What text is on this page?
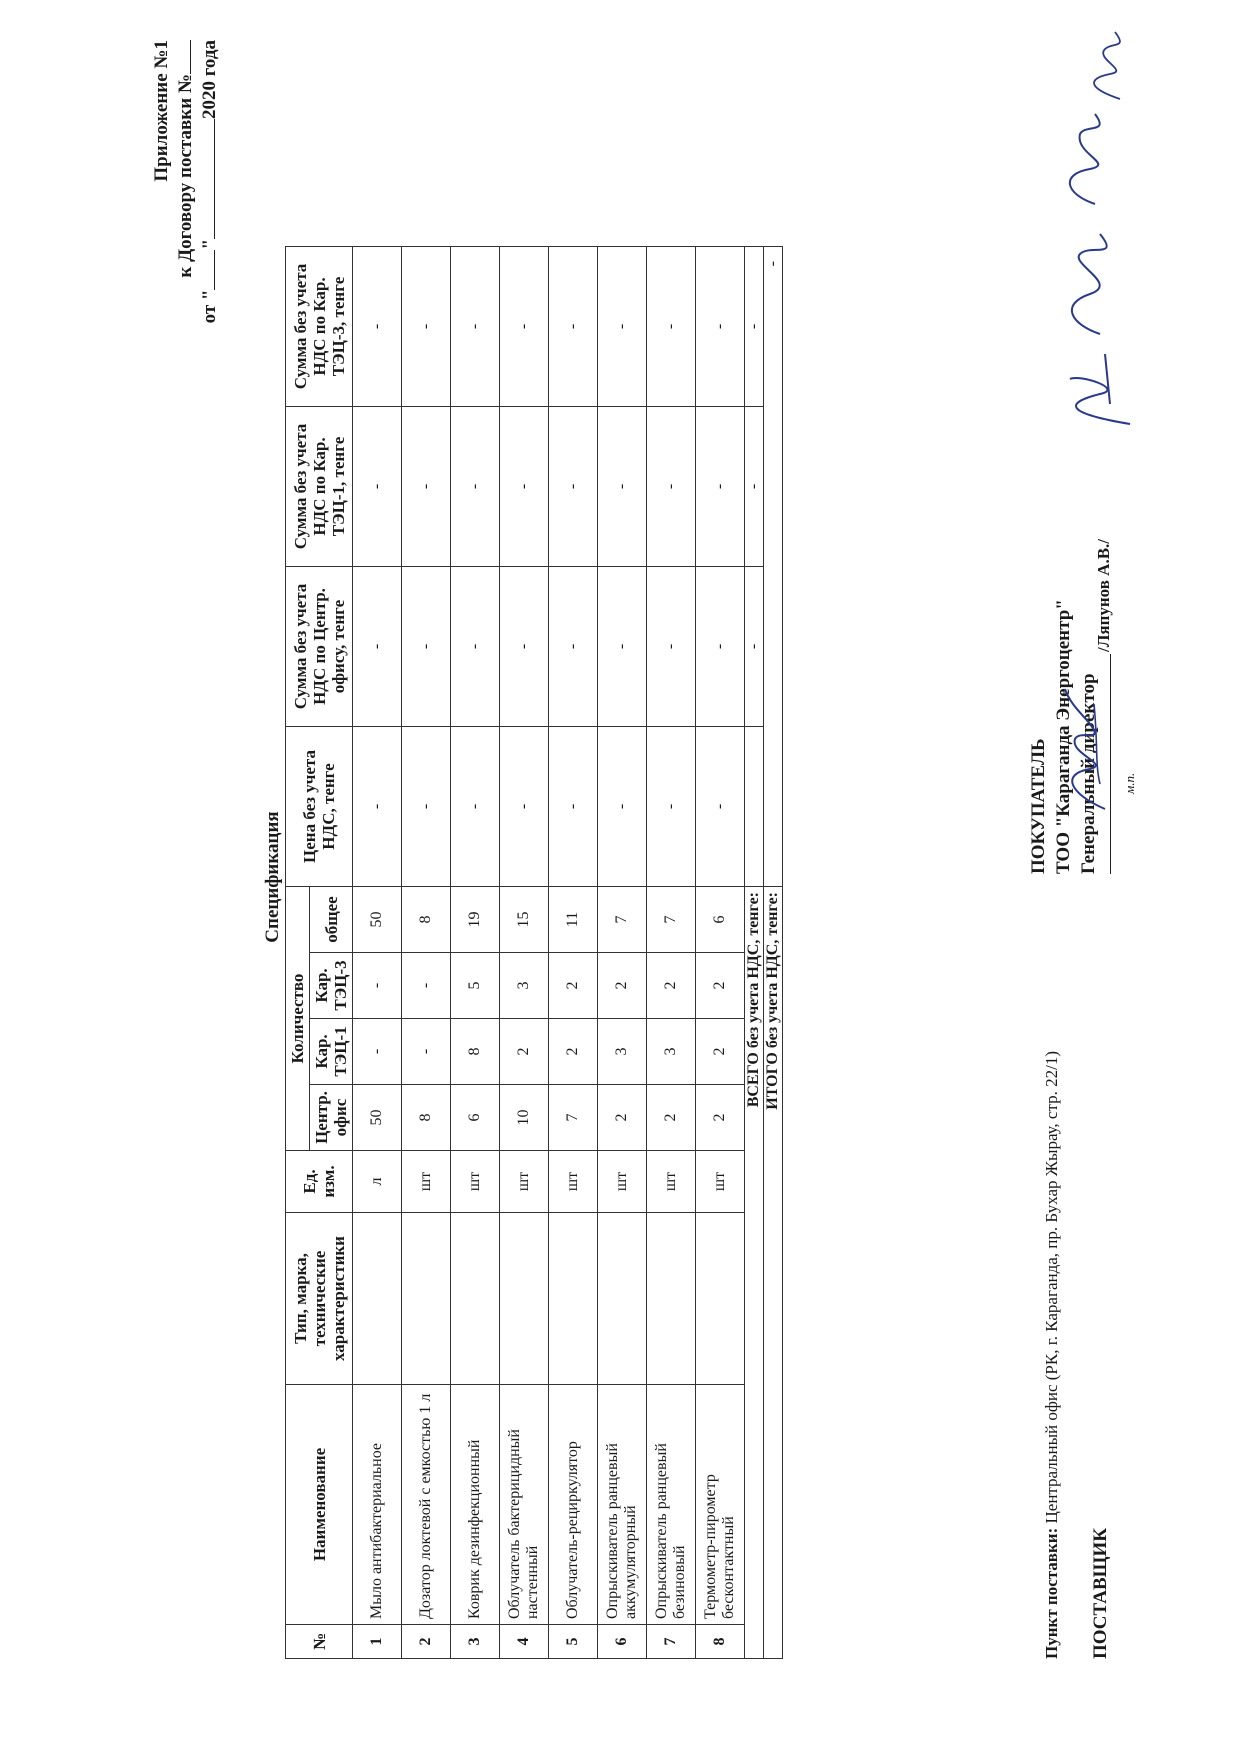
Приложение №1 к Договору поставки №
от ""2020 года
Спецификация
№	Наименование	Тип, марка, технические характеристики	Ед. изм.	Количество				Цена без учета НДС, тенге	Сумма без учета НДС по Центр. офису, тенге	Сумма без учета НДС по Кар. ТЭЦ-1, тенге	Сумма без учета НДС по Кар. ТЭЦ-3, тенге
				Центр. офис	Кар. ТЭЦ-1	Кар. ТЭЦ-3	общее				
1	Мыло антибактериальное		л	50	-	-	50	-	-	-	-
2	Дозатор локтевой с емкостью 1 л		шт	8	-	-	8	-	-	-	-
3	Коврик дезинфекционный		шт	6	8	5	19	-	-	-	-
4	Облучатель бактерицидный настенный		шт	10	2	3	15	-	-	-	-
5	Облучатель-рециркулятор		шт	7	2	2	11	-	-	-	-
6	Опрыскиватель ранцевый аккумуляторный		шт	2	3	2	7	-	-	-	-
7	Опрыскиватель ранцевый безиновый		шт	2	3	2	7	-	-	-	-
8	Термометр-пирометр бесконтактный		шт	2	2	2	6	-	-	-	-
ВСЕГО без учета НДС, тенге:									-	-	-
ИТОГО без учета НДС, тенге:								-			
Пункт поставки: Центральный офис (РК, г. Караганда, пр. Бухар Жырау, стр. 22/1)
ПОСТАВЩИК
ПОКУПАТЕЛЬ ТОО "Караганда Энергоцентр" Генеральный директор
/Ляпунов А.В./
м.п.
